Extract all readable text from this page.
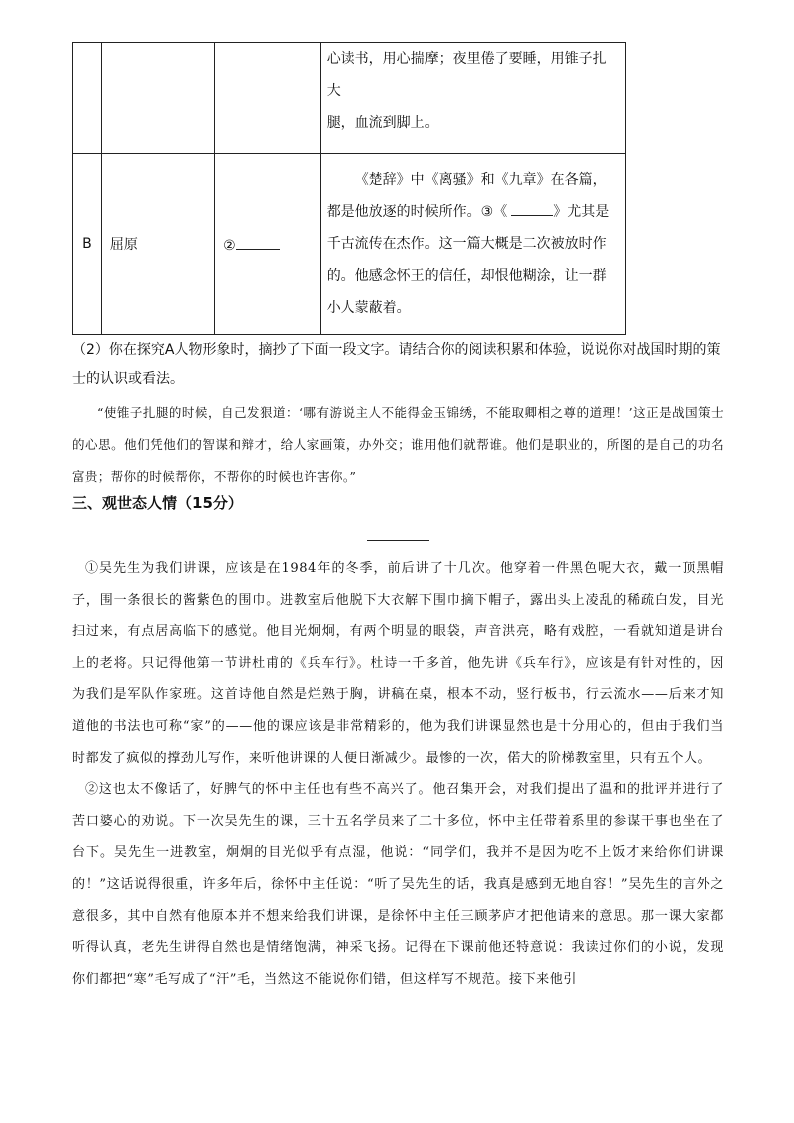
			心读书，用心揣摩；夜里倦了要睡，用锥子扎大
腿，血流到脚上。

B	屈原	②	《楚辞》中《离骚》和《九章》在各篇，都是他放逐的时候所作。③《 》尤其是千古流传在杰作。这一篇大概是二次被放时作的。他感念怀王的信任，却恨他糊涂，让一群小人蒙蔽着。
（2）你在探究A人物形象时，摘抄了下面一段文字。请结合你的阅读积累和体验，说说你对战国时期的策士的认识或看法。
“使锥子扎腿的时候，自己发狠道：‘哪有游说主人不能得金玉锦绣，不能取卿相之尊的道理！’这正是战国策士的心思。他们凭他们的智谋和辩才，给人家画策，办外交；谁用他们就帮谁。他们是职业的，所图的是自己的功名富贵；帮你的时候帮你，不帮你的时候也许害你。”
三、观世态人情（15分）

①吴先生为我们讲课，应该是在1984年的冬季，前后讲了十几次。他穿着一件黑色呢大衣，戴一顶黑帽子，围一条很长的酱紫色的围巾。进教室后他脱下大衣解下围巾摘下帽子，露出头上凌乱的稀疏白发，目光扫过来，有点居高临下的感觉。他目光炯炯，有两个明显的眼袋，声音洪亮，略有戏腔，一看就知道是讲台上的老将。只记得他第一节讲杜甫的《兵车行》。杜诗一千多首，他先讲《兵车行》，应该是有针对性的，因为我们是军队作家班。这首诗他自然是烂熟于胸，讲稿在桌，根本不动，竖行板书，行云流水——后来才知道他的书法也可称“家”的——他的课应该是非常精彩的，他为我们讲课显然也是十分用心的，但由于我们当时都发了疯似的撑劲儿写作，来听他讲课的人便日渐减少。最惨的一次，偌大的阶梯教室里，只有五个人。

②这也太不像话了，好脾气的怀中主任也有些不高兴了。他召集开会，对我们提出了温和的批评并进行了苦口婆心的劝说。下一次吴先生的课，三十五名学员来了二十多位，怀中主任带着系里的参谋干事也坐在了台下。吴先生一进教室，炯炯的目光似乎有点湿，他说：“同学们，我并不是因为吃不上饭才来给你们讲课的！”这话说得很重，许多年后，徐怀中主任说：“听了吴先生的话，我真是感到无地自容！”吴先生的言外之意很多，其中自然有他原本并不想来给我们讲课，是徐怀中主任三顾茅庐才把他请来的意思。那一课大家都听得认真，老先生讲得自然也是情绪饱满，神采飞扬。记得在下课前他还特意说：我读过你们的小说，发现你们都把“寒”毛写成了“汗”毛，当然这不能说你们错，但这样写不规范。接下来他引
